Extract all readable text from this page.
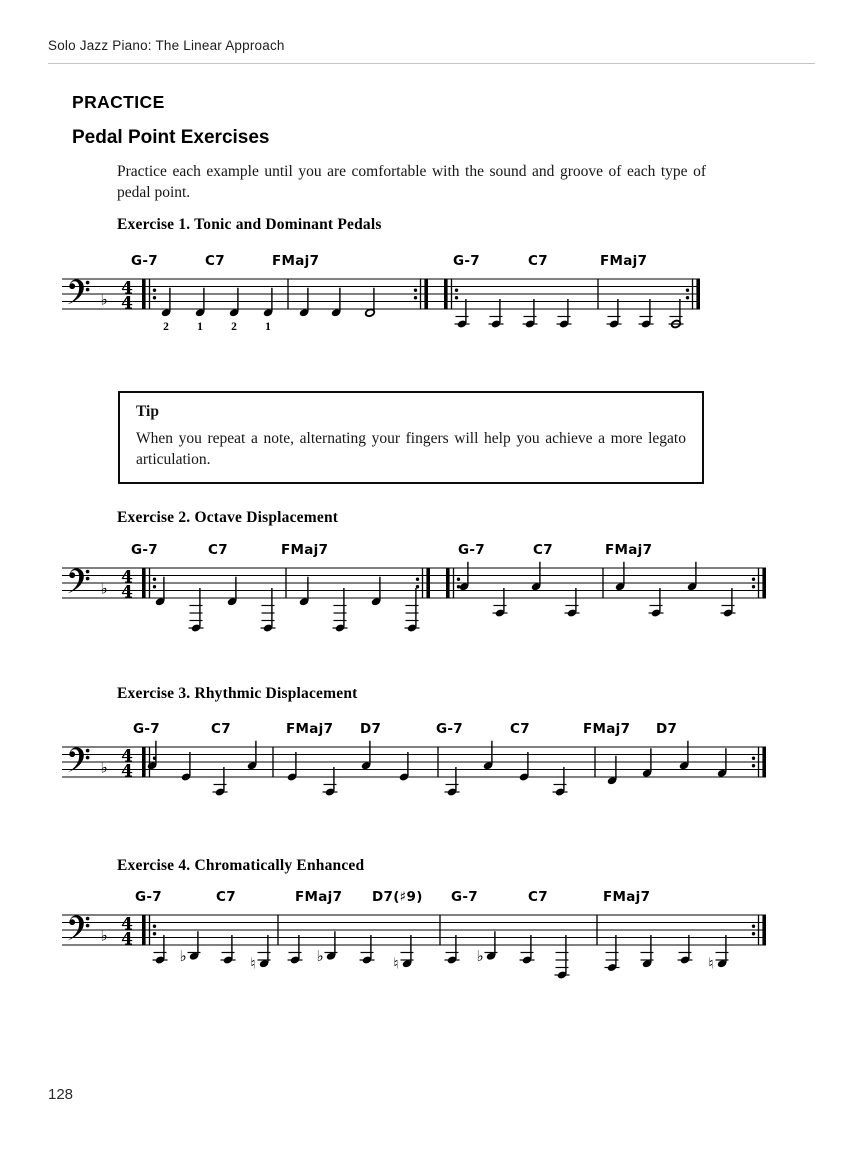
Solo Jazz Piano: The Linear Approach
PRACTICE
Pedal Point Exercises
Practice each example until you are comfortable with the sound and groove of each type of pedal point.
Exercise 1. Tonic and Dominant Pedals
Exercise 2. Octave Displacement
Exercise 3. Rhythmic Displacement
Exercise 4. Chromatically Enhanced
Tip
When you repeat a note, alternating your fingers will help you achieve a more legato articulation.
♭
4
4
G-7	C7	FMaj7	G-7	C7	FMaj7
2 1 2 1
♭
4
4
G-7	C7	FMaj7	G-7	C7	FMaj7
♭
4
4
G-7	C7	FMaj7 D7	G-7	C7	FMaj7 D7
♭
4
4
G-7	C7	FMaj7 D7(♯9) G-7	C7	FMaj7
♭	♮	♭	♮	♭	♮
128
